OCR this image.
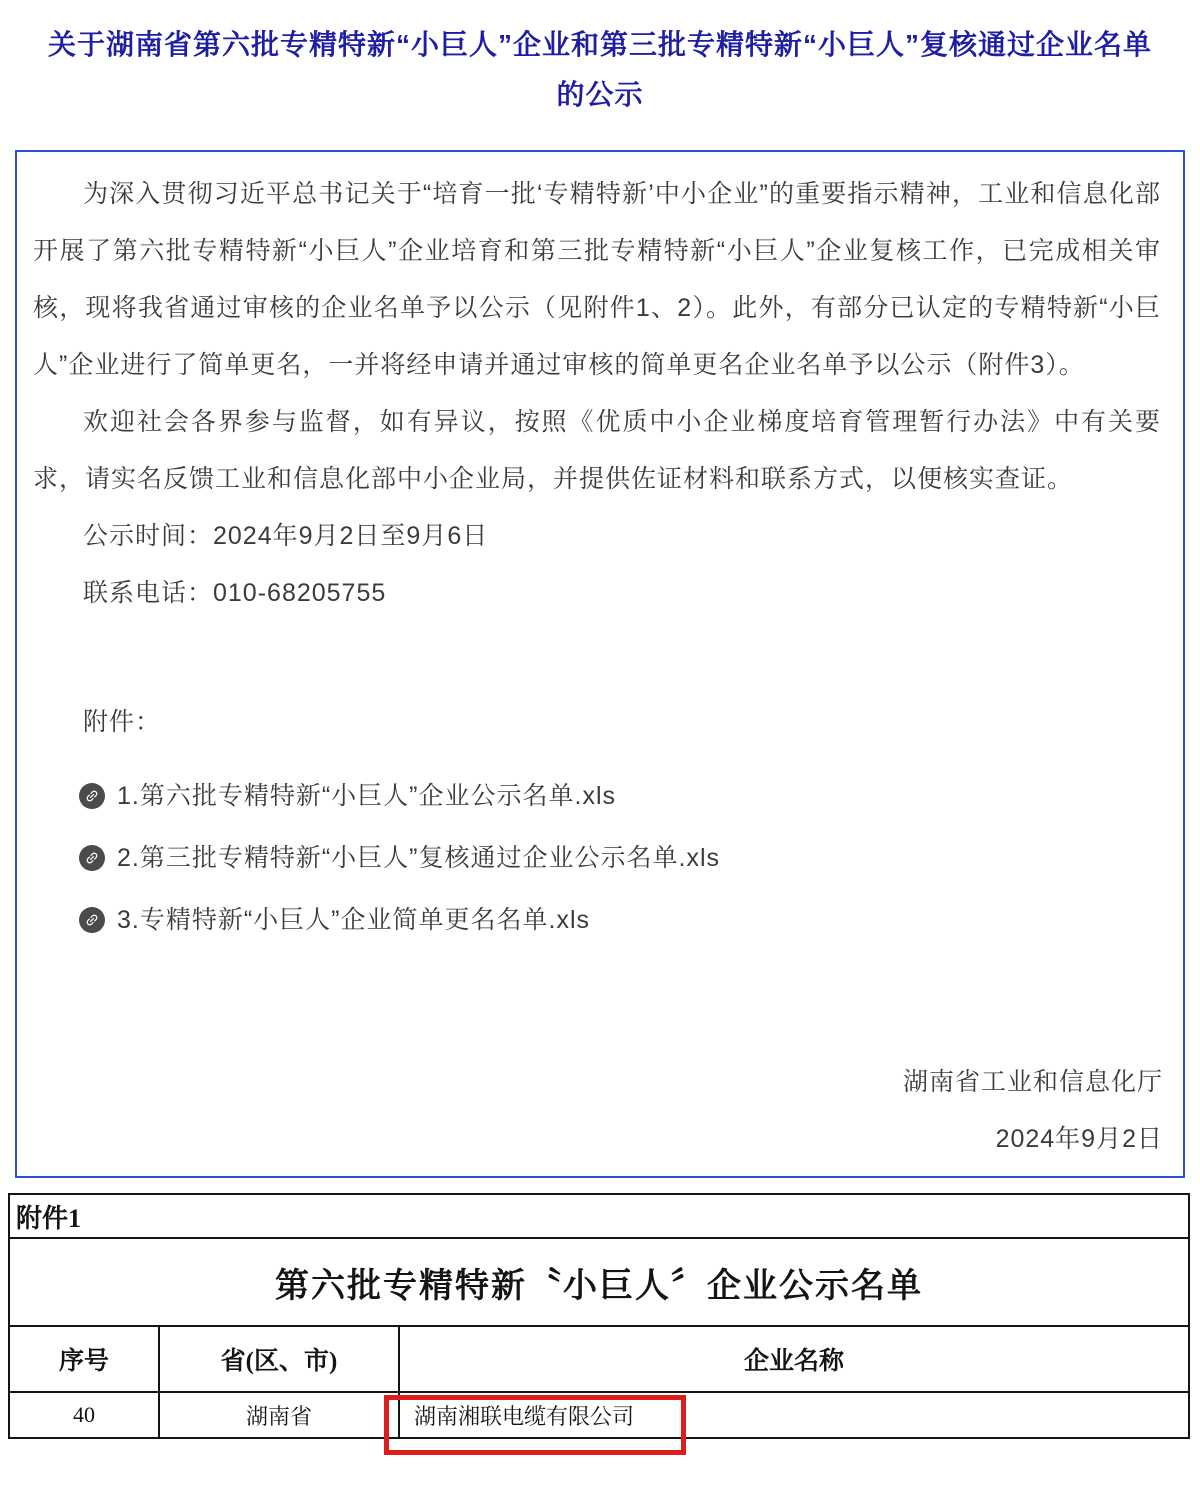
关于湖南省第六批专精特新“小巨人”企业和第三批专精特新“小巨人”复核通过企业名单
的公示

为深入贯彻习近平总书记关于“培育一批‘专精特新’中小企业”的重要指示精神，工业和信息化部开展了第六批专精特新“小巨人”企业培育和第三批专精特新“小巨人”企业复核工作，已完成相关审核，现将我省通过审核的企业名单予以公示（见附件1、2）。此外，有部分已认定的专精特新“小巨人”企业进行了简单更名，一并将经申请并通过审核的简单更名企业名单予以公示（附件3）。

欢迎社会各界参与监督，如有异议，按照《优质中小企业梯度培育管理暂行办法》中有关要求，请实名反馈工业和信息化部中小企业局，并提供佐证材料和联系方式，以便核实查证。

公示时间：2024年9月2日至9月6日

联系电话：010-68205755

附件：

1.第六批专精特新“小巨人”企业公示名单.xls
2.第三批专精特新“小巨人”复核通过企业公示名单.xls
3.专精特新“小巨人”企业简单更名名单.xls
湖南省工业和信息化厅
2024年9月2日
附件1		
第六批专精特新〝小巨人〞企业公示名单		
序号	省(区、市)	企业名称
40	湖南省	湖南湘联电缆有限公司
